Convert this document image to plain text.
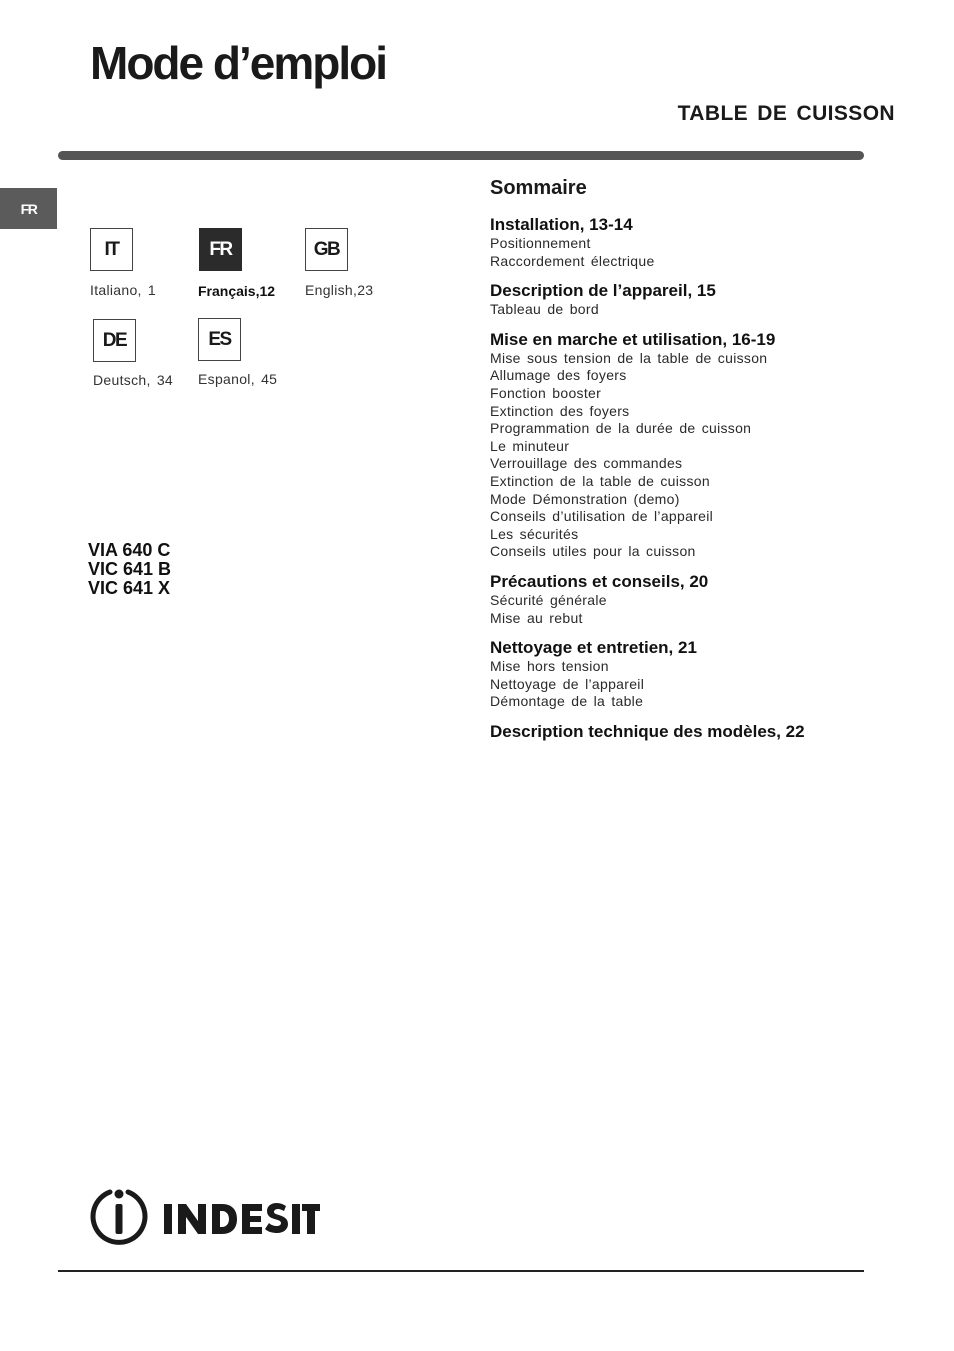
Mode d’emploi
TABLE DE CUISSON
FR
IT
Italiano, 1
FR
Français,12
GB
English,23
DE
Deutsch, 34
ES
Espanol, 45
VIA 640 C
VIC 641 B
VIC 641 X
Sommaire
Installation, 13-14
Positionnement
Raccordement électrique
Description de l’appareil, 15
Tableau de bord
Mise en marche et utilisation, 16-19
Mise sous tension de la table de cuisson
Allumage des foyers
Fonction booster
Extinction des foyers
Programmation de la durée de cuisson
Le minuteur
Verrouillage des commandes
Extinction de la table de cuisson
Mode Démonstration (demo)
Conseils d’utilisation de l’appareil
Les sécurités
Conseils utiles pour la cuisson
Précautions et conseils, 20
Sécurité générale
Mise au rebut
Nettoyage et entretien, 21
Mise hors tension
Nettoyage de l’appareil
Démontage de la table
Description technique des modèles, 22
